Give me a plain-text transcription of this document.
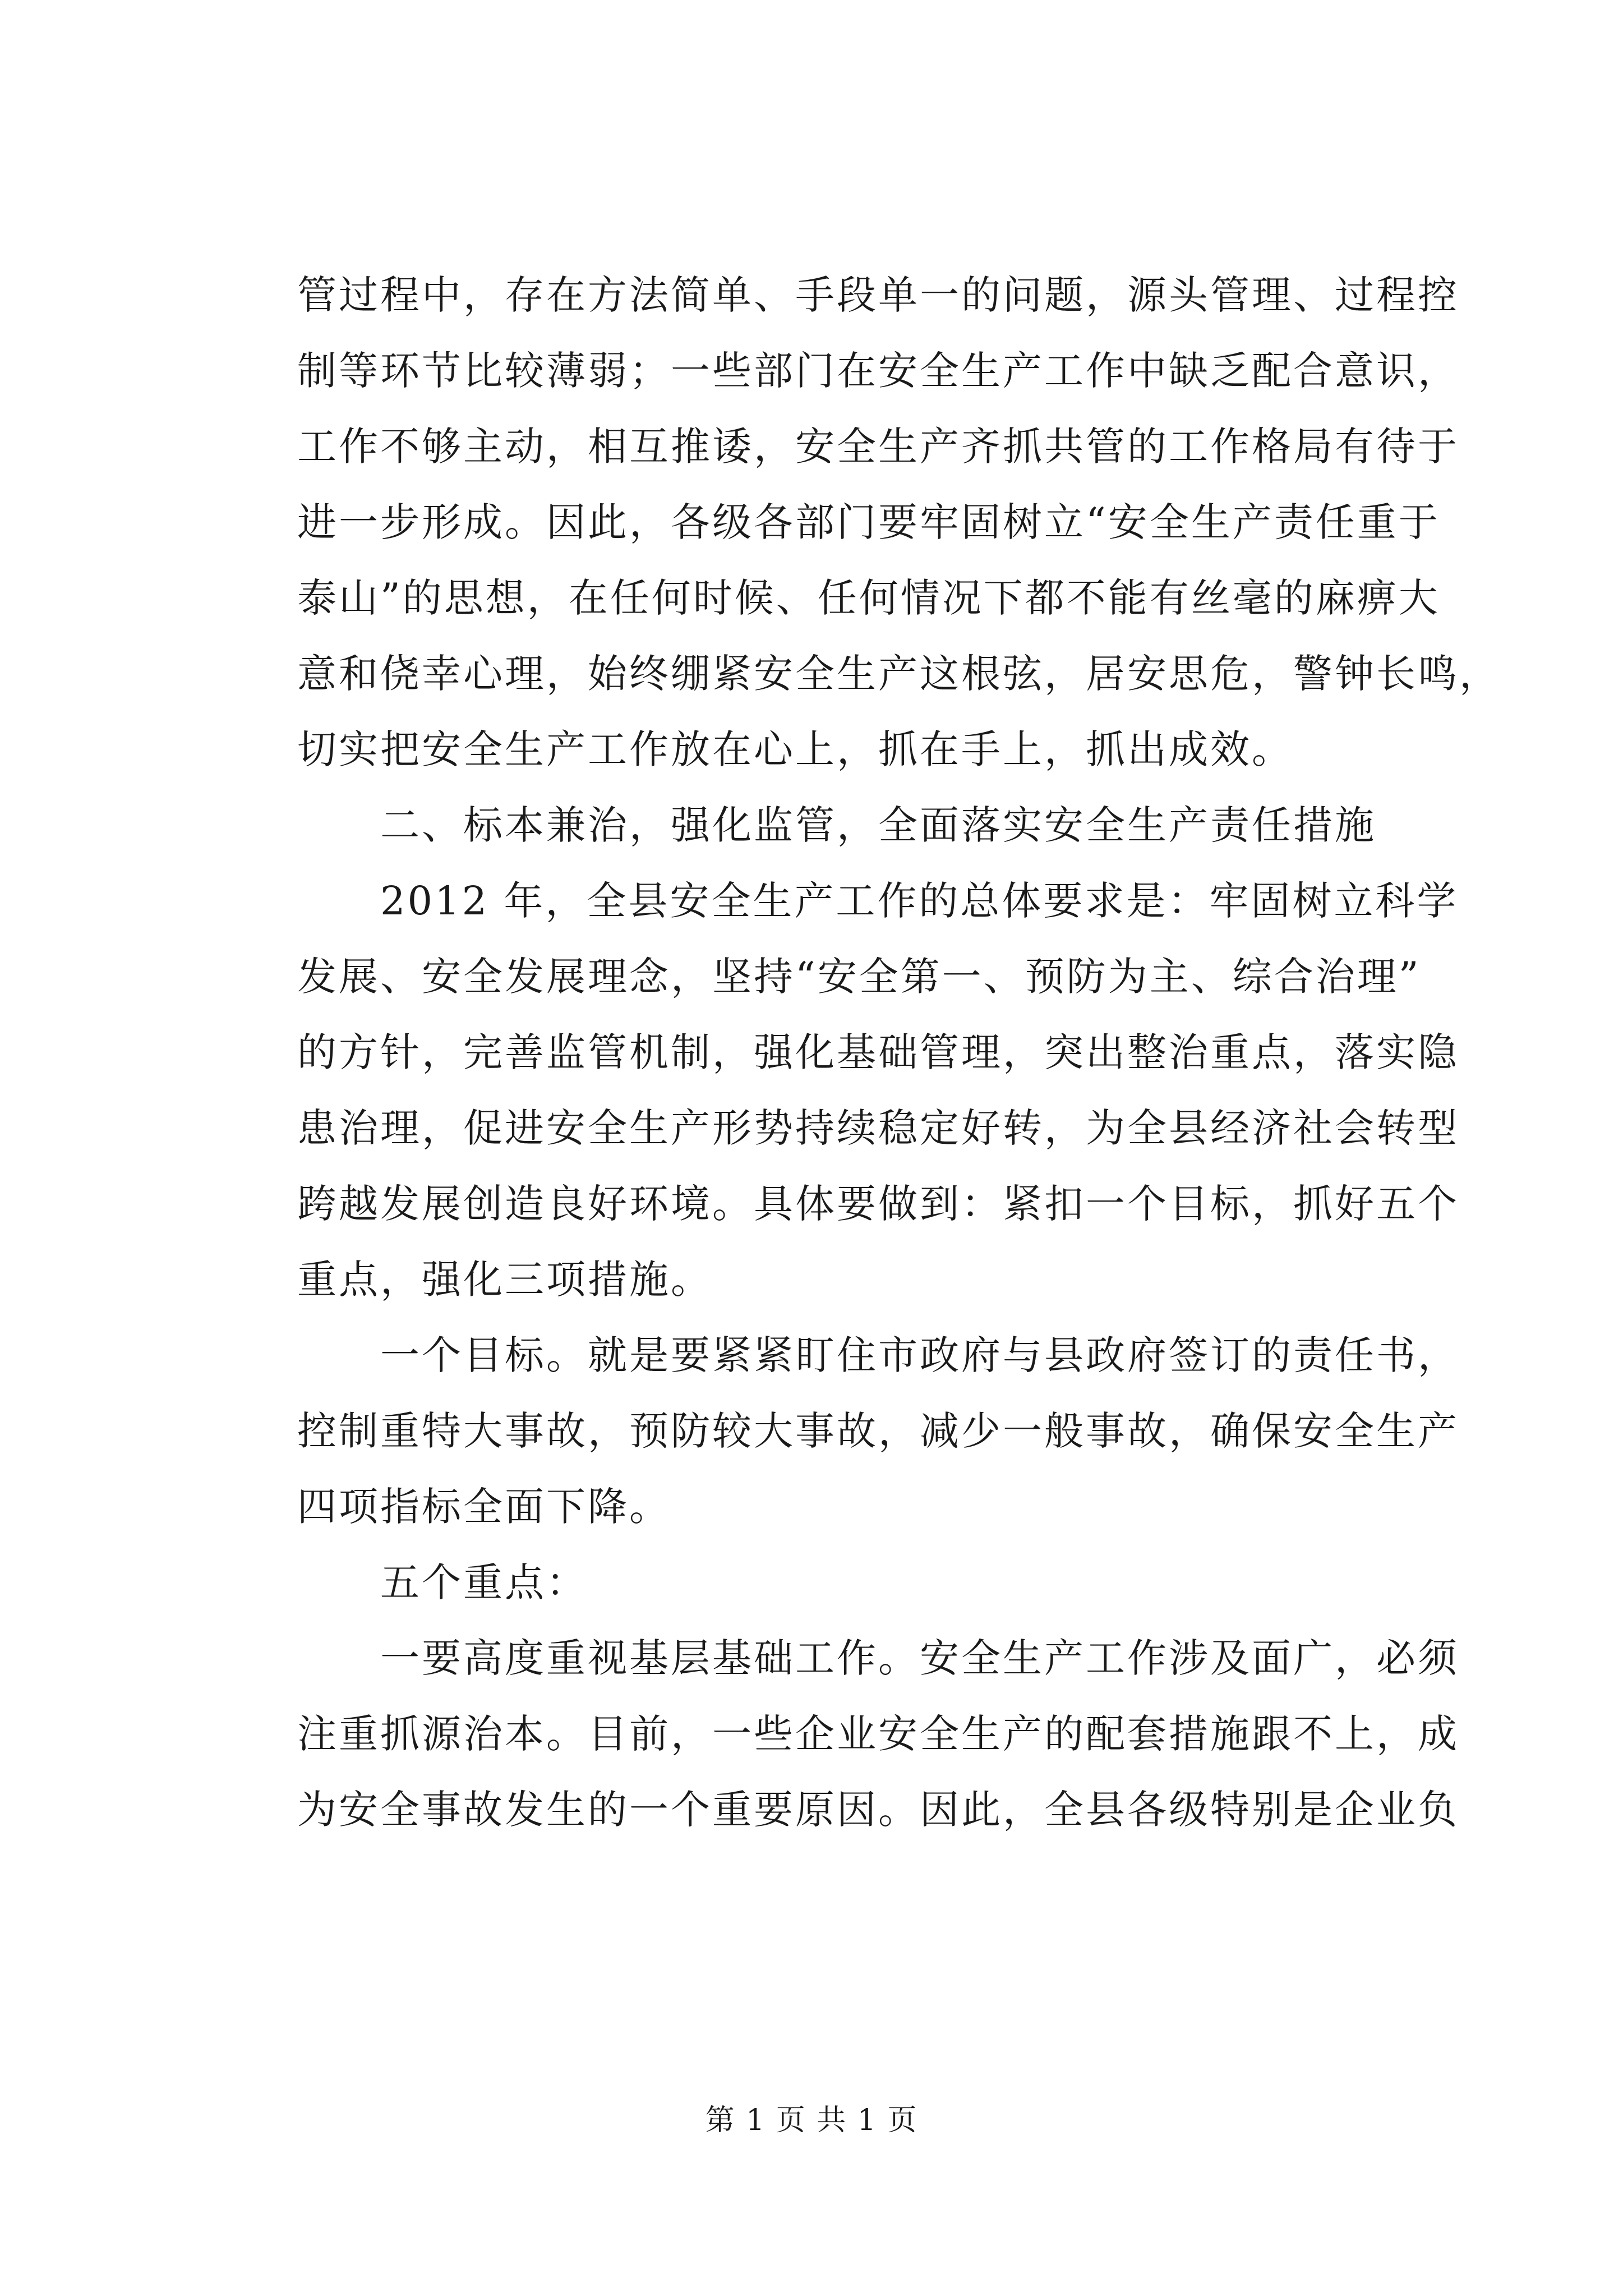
管过程中，存在方法简单、手段单一的问题，源头管理、过程控
制等环节比较薄弱；一些部门在安全生产工作中缺乏配合意识，
工作不够主动，相互推诿，安全生产齐抓共管的工作格局有待于
进一步形成。因此，各级各部门要牢固树立“安全生产责任重于
泰山”的思想，在任何时候、任何情况下都不能有丝毫的麻痹大
意和侥幸心理，始终绷紧安全生产这根弦，居安思危，警钟长鸣，
切实把安全生产工作放在心上，抓在手上，抓出成效。
二、标本兼治，强化监管，全面落实安全生产责任措施
2012 年，全县安全生产工作的总体要求是：牢固树立科学
发展、安全发展理念，坚持“安全第一、预防为主、综合治理”
的方针，完善监管机制，强化基础管理，突出整治重点，落实隐
患治理，促进安全生产形势持续稳定好转，为全县经济社会转型
跨越发展创造良好环境。具体要做到：紧扣一个目标，抓好五个
重点，强化三项措施。
一个目标。就是要紧紧盯住市政府与县政府签订的责任书，
控制重特大事故，预防较大事故，减少一般事故，确保安全生产
四项指标全面下降。
五个重点：
一要高度重视基层基础工作。安全生产工作涉及面广，必须
注重抓源治本。目前，一些企业安全生产的配套措施跟不上，成
为安全事故发生的一个重要原因。因此，全县各级特别是企业负
第 1 页 共 1 页
